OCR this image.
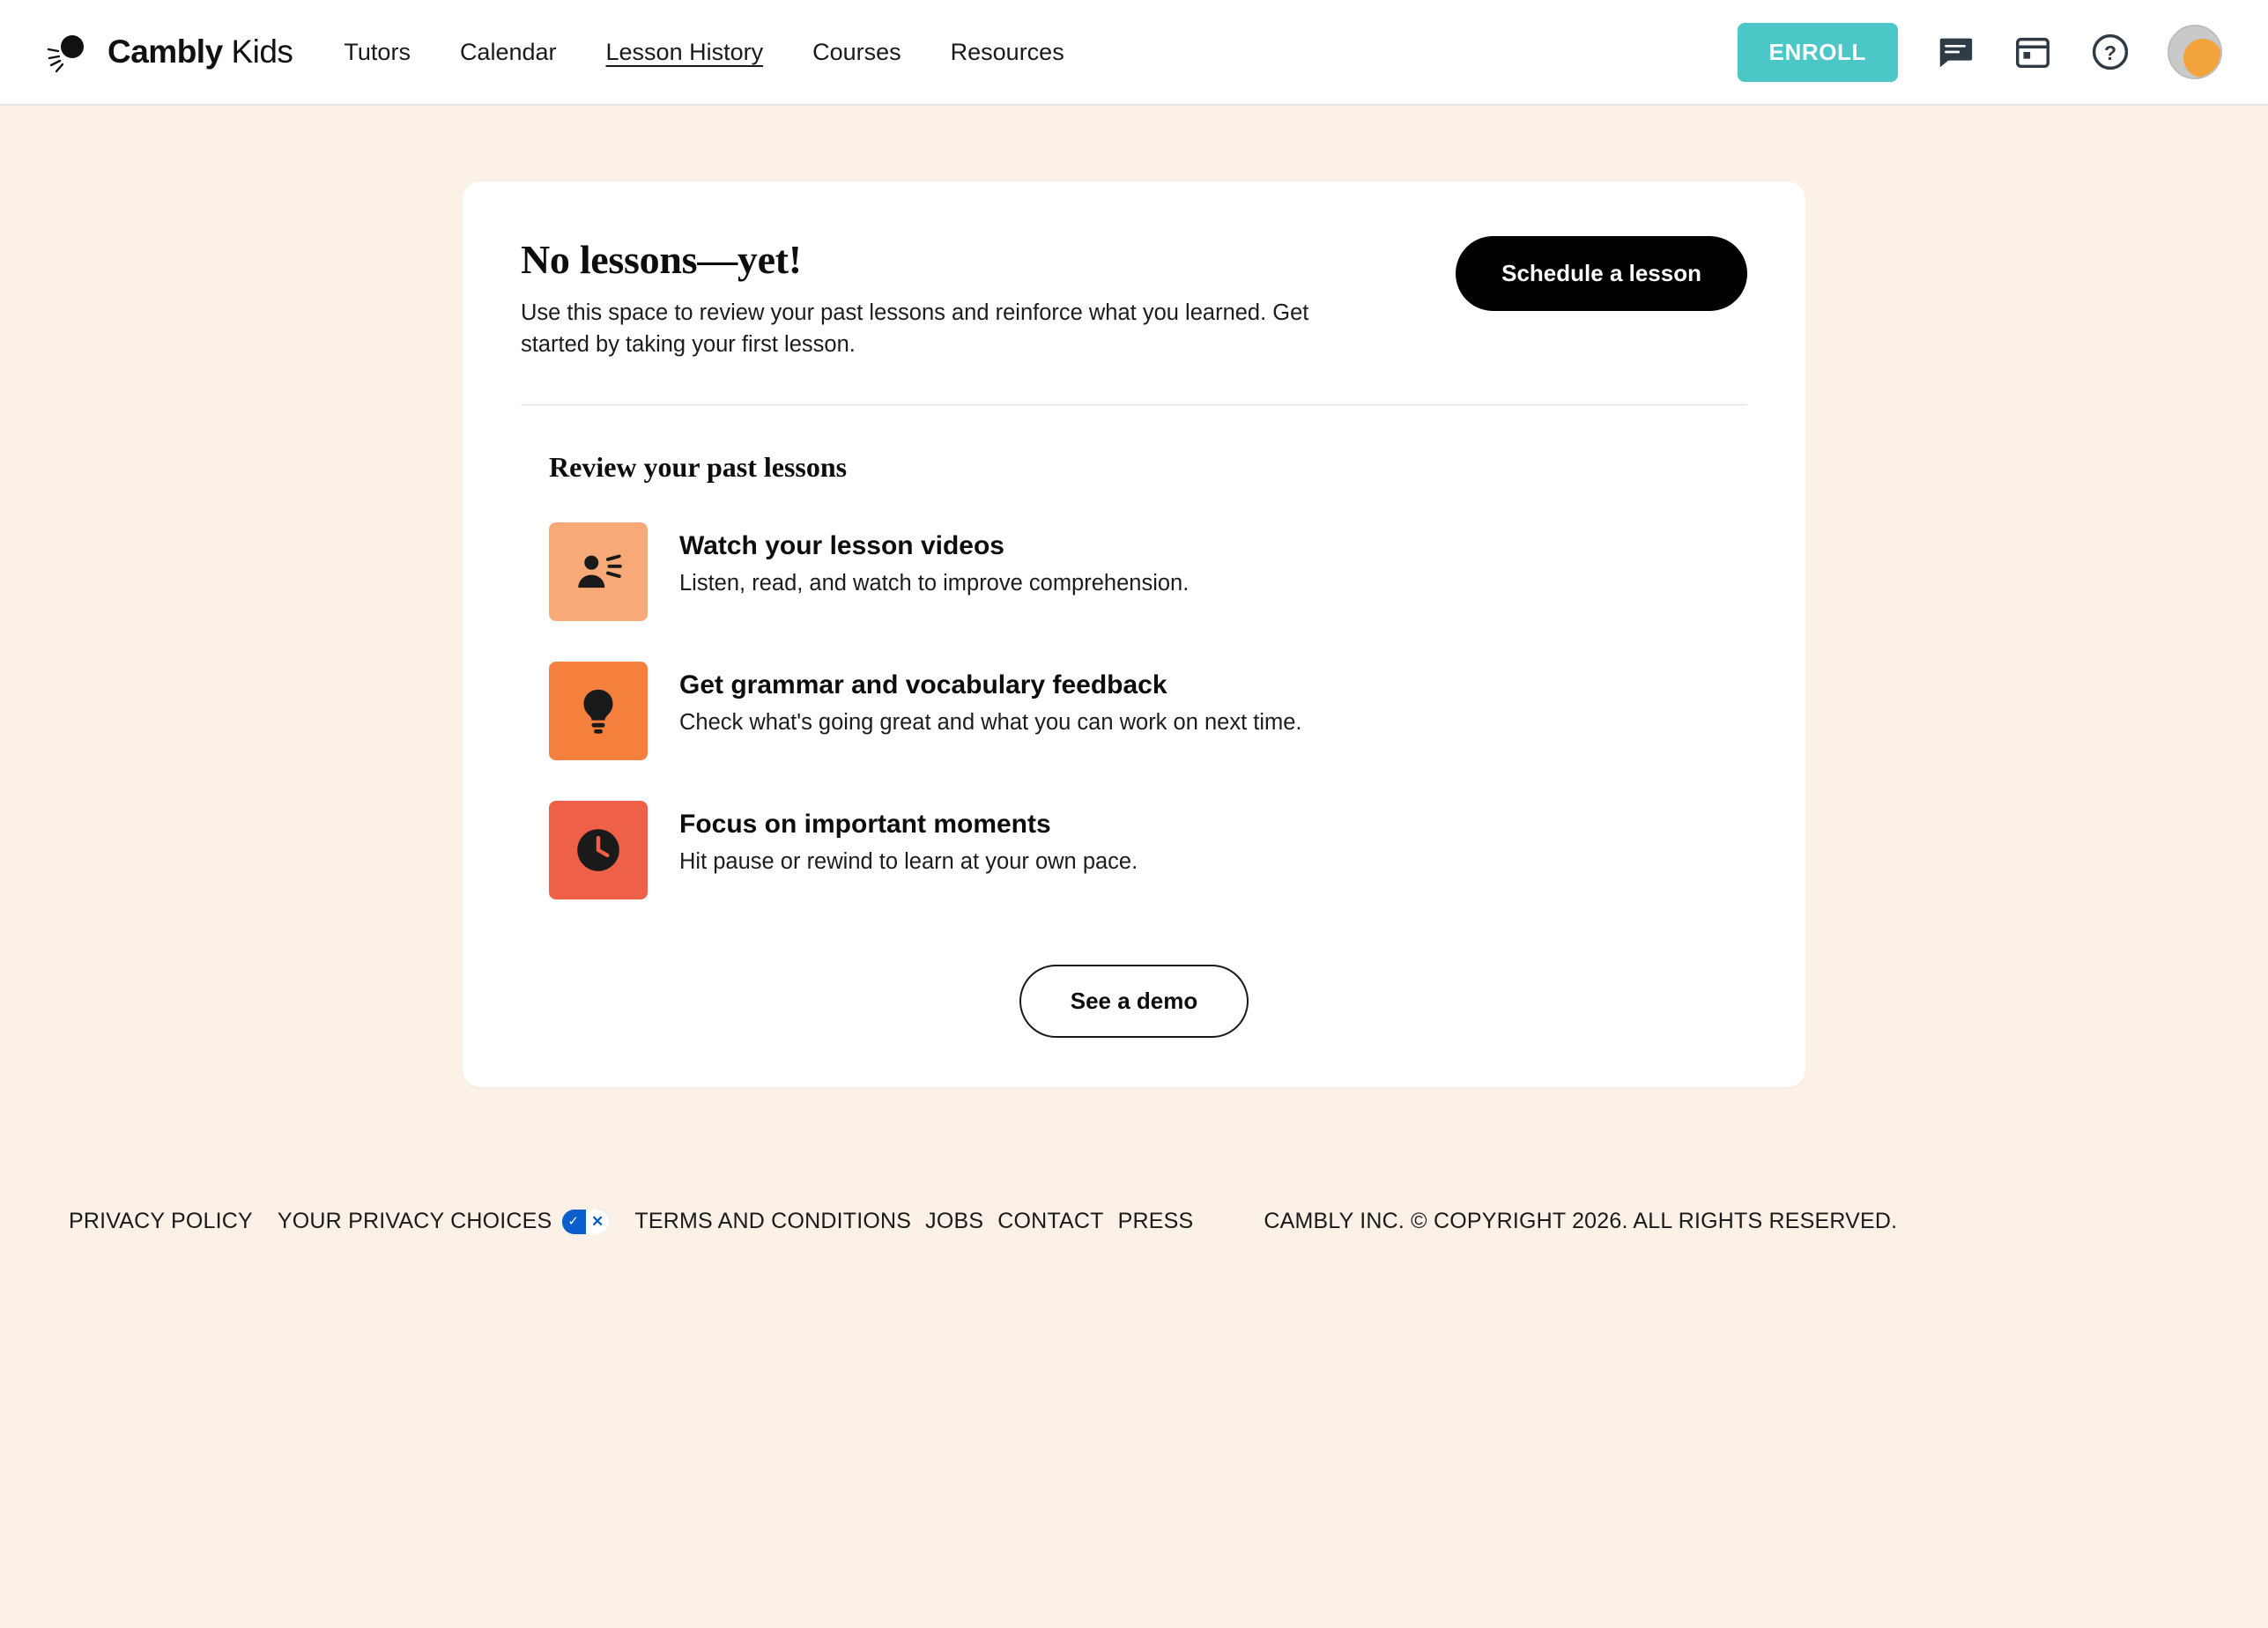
Cambly Kids Tutors Calendar Lesson History Courses Resources	ENROLL	?
No lessons—yet!
Use this space to review your past lessons and reinforce what you learned. Get started by taking your first lesson.
Schedule a lesson
Review your past lessons
Watch your lesson videos
Listen, read, and watch to improve comprehension.
Get grammar and vocabulary feedback
Check what's going great and what you can work on next time.
Focus on important moments
Hit pause or rewind to learn at your own pace.
See a demo
PRIVACY POLICY YOUR PRIVACY CHOICES ✓ ✕ TERMS AND CONDITIONS JOBS CONTACT PRESS	CAMBLY INC. © COPYRIGHT 2026. ALL RIGHTS RESERVED.
